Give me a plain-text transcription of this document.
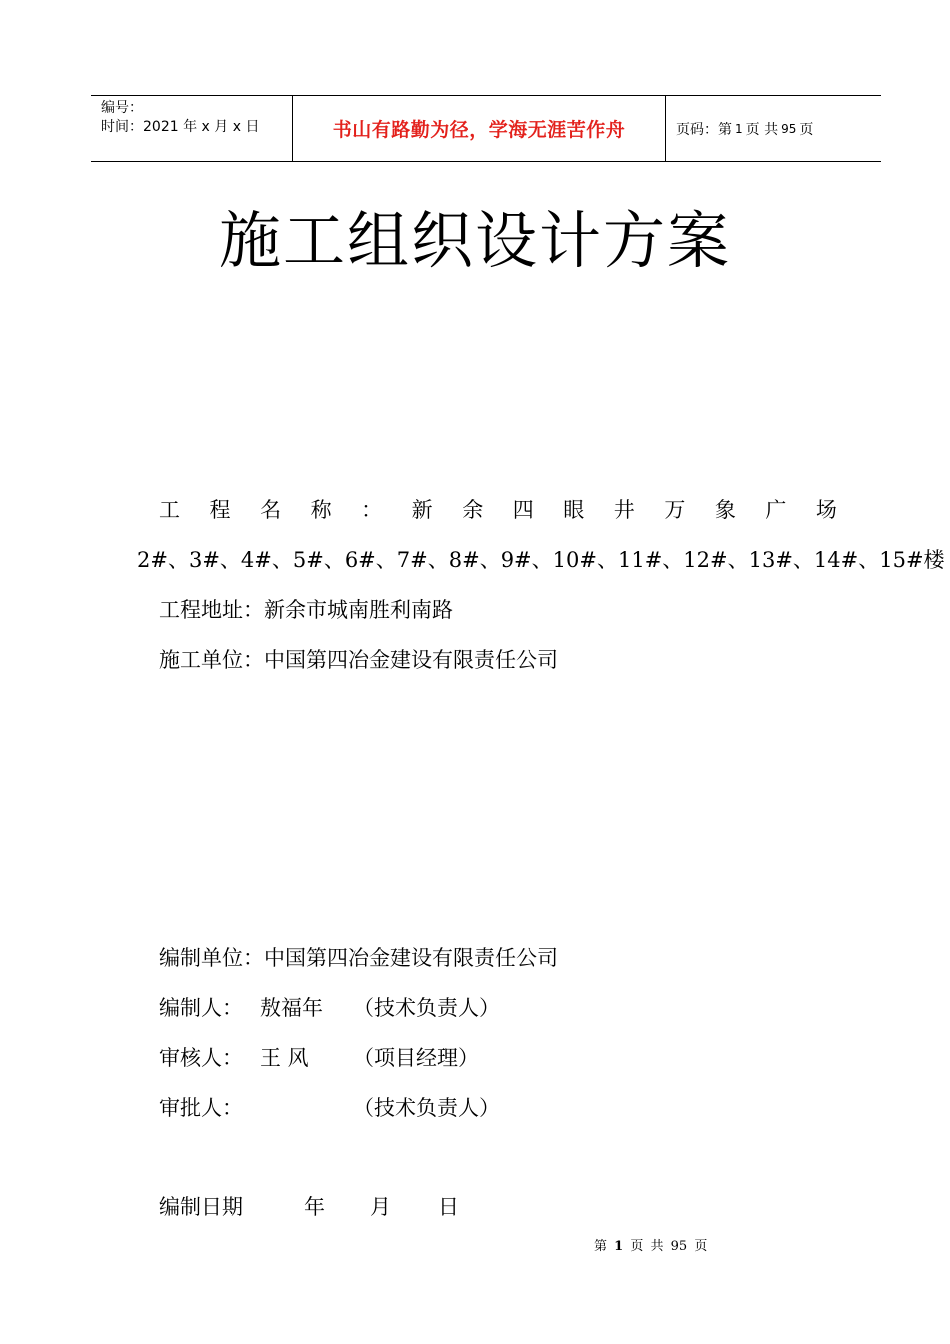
编号：
时间：2021 年 x 月 x 日	书山有路勤为径，学海无涯苦作舟	页码：第 1 页 共 95 页
施工组织设计方案
工 程 名 称 ： 新 余 四 眼 井 万 象 广 场
2#、3#、4#、5#、6#、7#、8#、9#、10#、11#、12#、13#、14#、15#楼
工程地址：新余市城南胜利南路
施工单位：中国第四冶金建设有限责任公司
编制单位：中国第四冶金建设有限责任公司
编制人： 敖福年 （技术负责人）
审核人： 王 风 （项目经理）
审批人：	（技术负责人）
编制日期	年 月 日
第 1 页 共 95 页
